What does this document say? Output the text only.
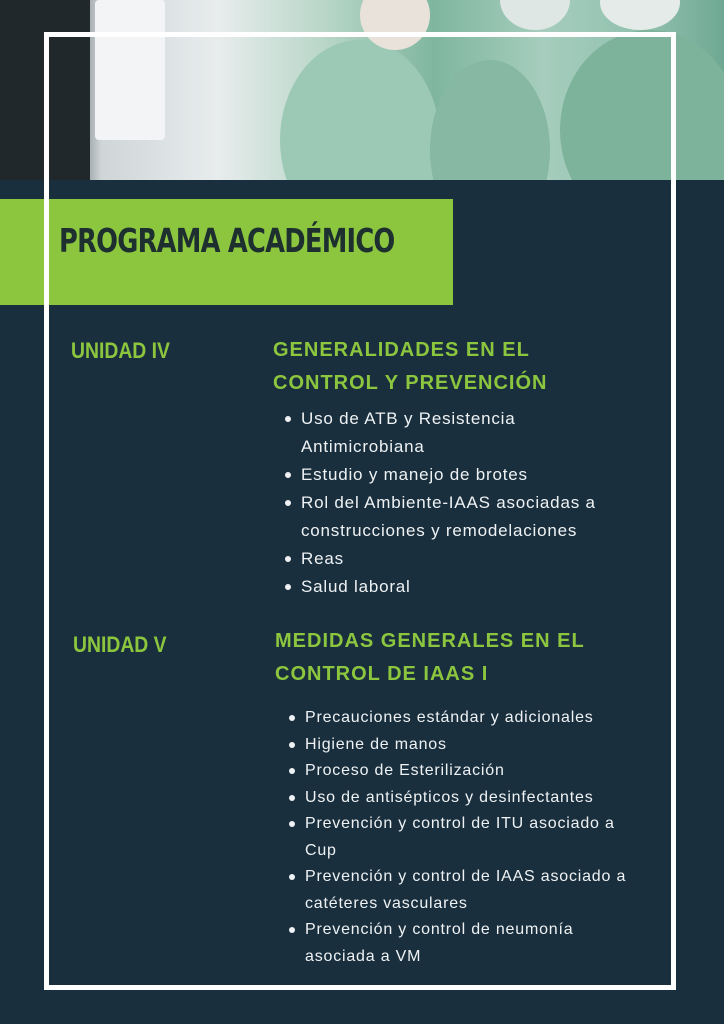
PROGRAMA ACADÉMICO
UNIDAD IV	GENERALIDADES EN EL
CONTROL Y PREVENCIÓN
Uso de ATB y Resistencia Antimicrobiana
Estudio y manejo de brotes
Rol del Ambiente-IAAS asociadas a construcciones y remodelaciones
Reas
Salud laboral
UNIDAD V	MEDIDAS GENERALES EN EL
CONTROL DE IAAS I
Precauciones estándar y adicionales
Higiene de manos
Proceso de Esterilización
Uso de antisépticos y desinfectantes
Prevención y control de ITU asociado a Cup
Prevención y control de IAAS asociado a catéteres vasculares
Prevención y control de neumonía asociada a VM
